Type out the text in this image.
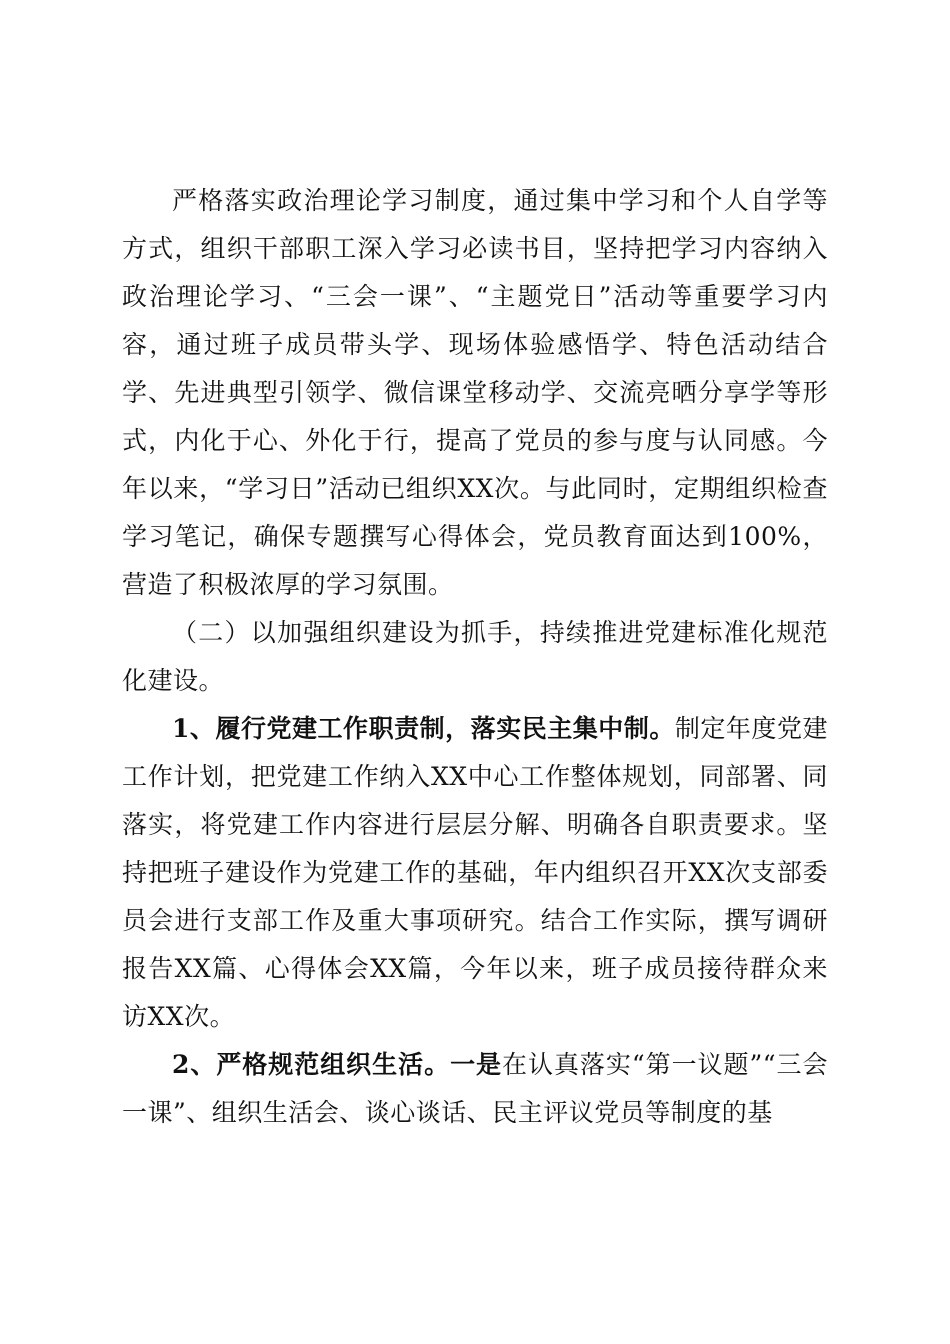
严格落实政治理论学习制度，通过集中学习和个人自学等方式，组织干部职工深入学习必读书目，坚持把学习内容纳入政治理论学习、“三会一课”、“主题党日”活动等重要学习内容，通过班子成员带头学、现场体验感悟学、特色活动结合学、先进典型引领学、微信课堂移动学、交流亮晒分享学等形式，内化于心、外化于行，提高了党员的参与度与认同感。今年以来，“学习日”活动已组织XX次。与此同时，定期组织检查学习笔记，确保专题撰写心得体会，党员教育面达到100%，营造了积极浓厚的学习氛围。

（二）以加强组织建设为抓手，持续推进党建标准化规范化建设。

1、履行党建工作职责制，落实民主集中制。制定年度党建工作计划，把党建工作纳入XX中心工作整体规划，同部署、同落实，将党建工作内容进行层层分解、明确各自职责要求。坚持把班子建设作为党建工作的基础，年内组织召开XX次支部委员会进行支部工作及重大事项研究。结合工作实际，撰写调研报告XX篇、心得体会XX篇，今年以来，班子成员接待群众来访XX次。

2、严格规范组织生活。一是在认真落实“第一议题”“三会一课”、组织生活会、谈心谈话、民主评议党员等制度的基
